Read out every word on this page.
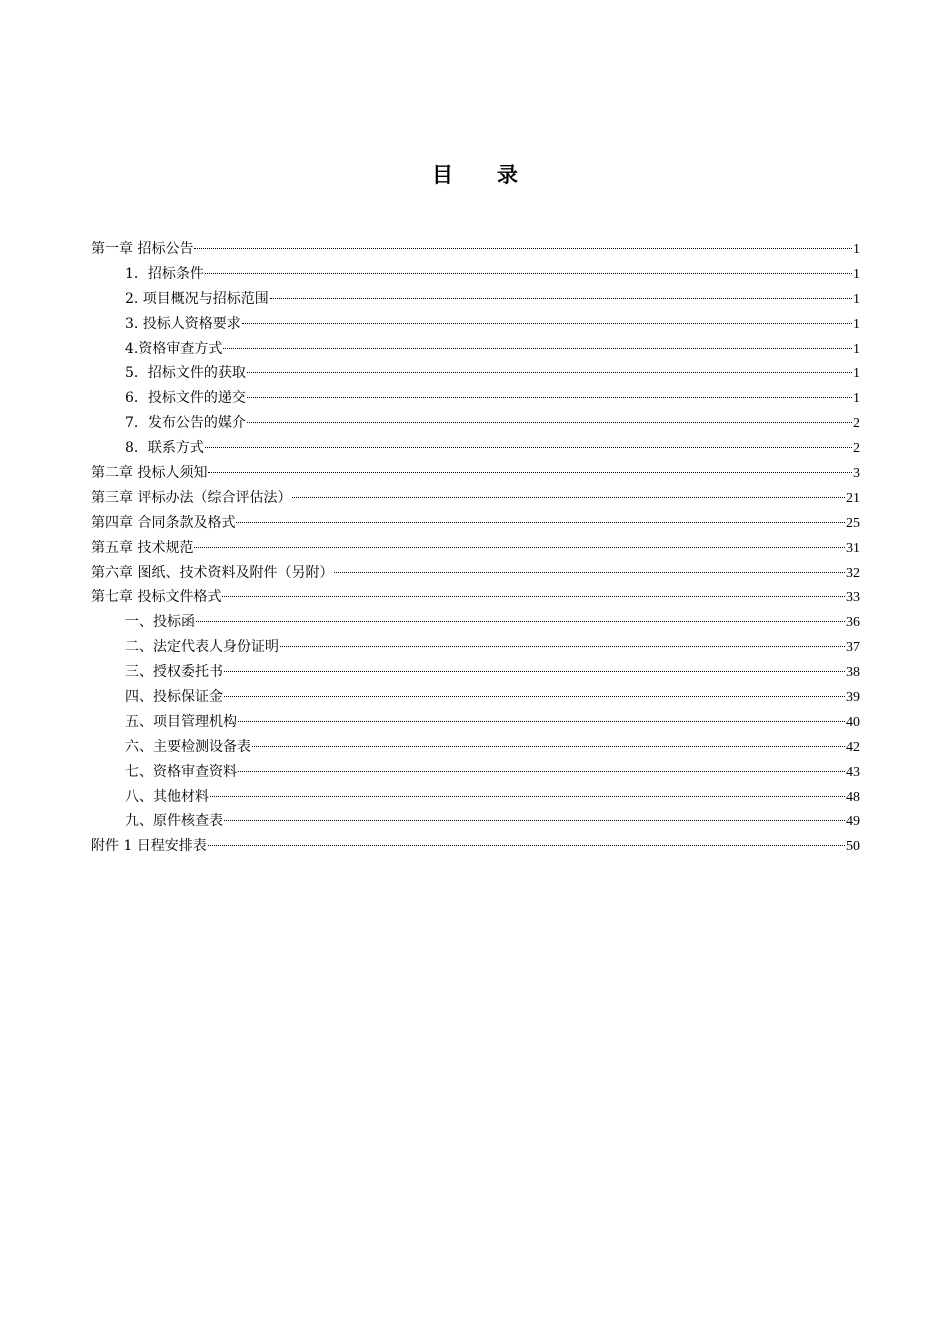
目 录
第一章 招标公告	1
1．招标条件	1
2. 项目概况与招标范围	1
3. 投标人资格要求	1
4.资格审查方式	1
5．招标文件的获取	1
6．投标文件的递交	1
7．发布公告的媒介	2
8．联系方式	2
第二章 投标人须知	3
第三章 评标办法（综合评估法）	21
第四章 合同条款及格式	25
第五章 技术规范	31
第六章 图纸、技术资料及附件（另附）	32
第七章 投标文件格式	33
一、投标函	36
二、法定代表人身份证明	37
三、授权委托书	38
四、投标保证金	39
五、项目管理机构	40
六、主要检测设备表	42
七、资格审查资料	43
八、其他材料	48
九、原件核查表	49
附件 1 日程安排表	50
